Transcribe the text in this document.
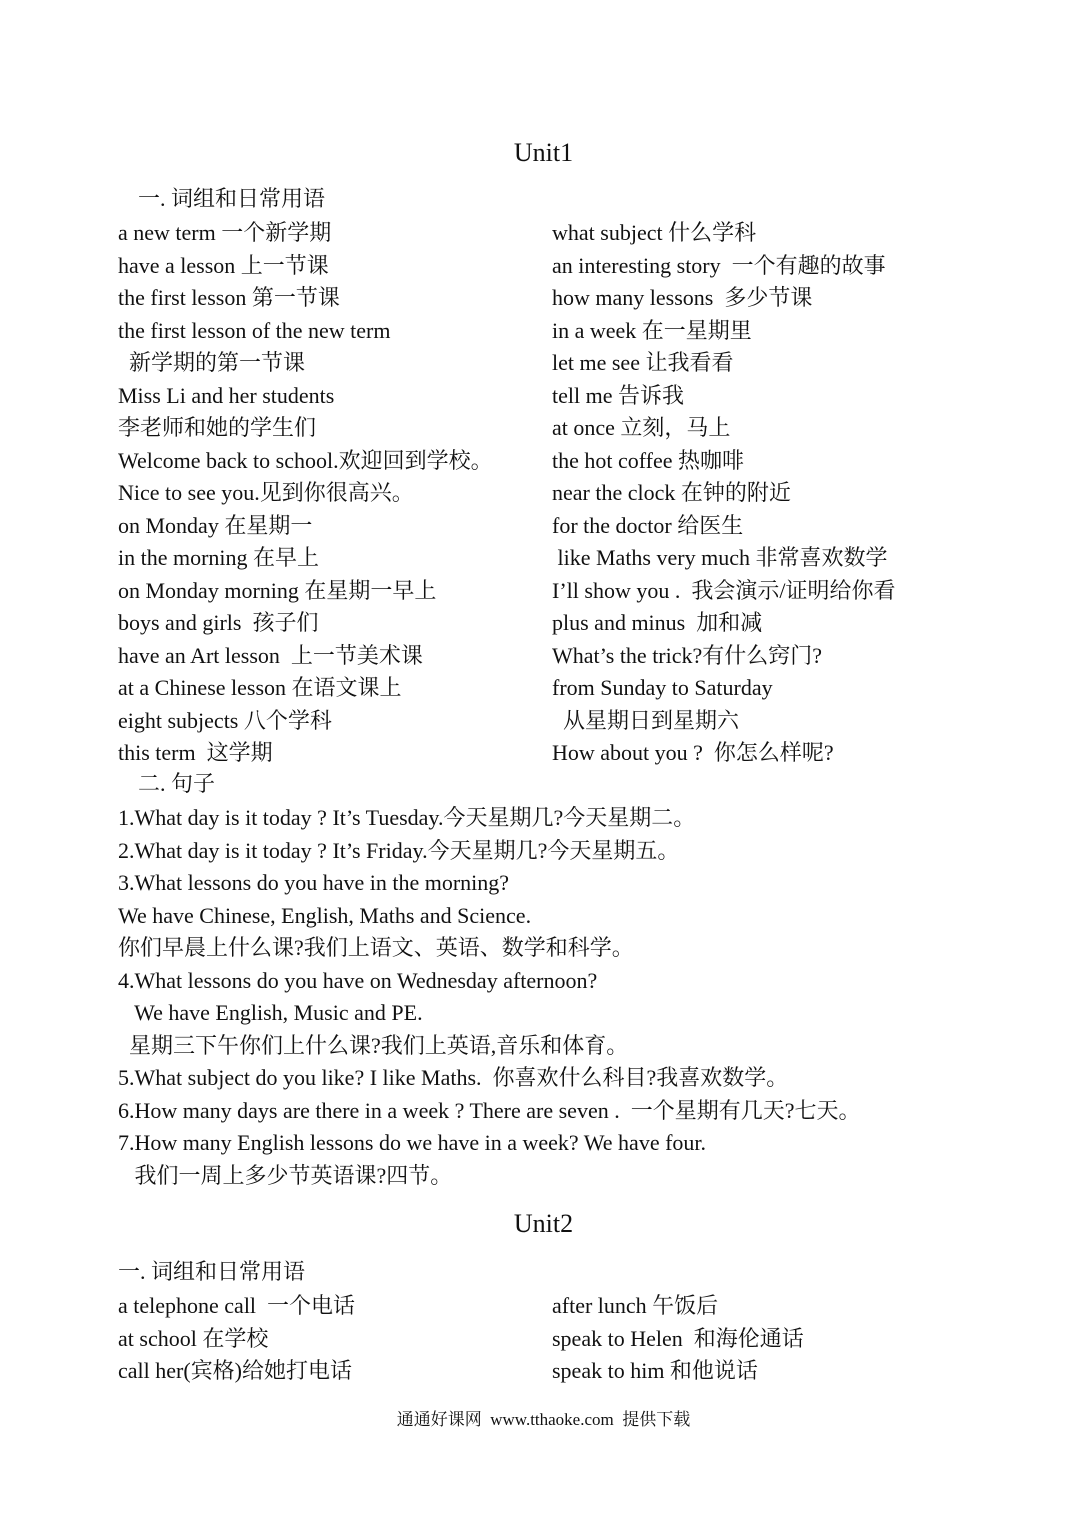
Unit1
一. 词组和日常用语
a new term 一个新学期
have a lesson 上一节课
the first lesson 第一节课
the first lesson of the new term
新学期的第一节课
Miss Li and her students
李老师和她的学生们
Welcome back to school.欢迎回到学校。
Nice to see you.见到你很高兴。
on Monday 在星期一
in the morning 在早上
on Monday morning 在星期一早上
boys and girls  孩子们
have an Art lesson  上一节美术课
at a Chinese lesson 在语文课上
eight subjects 八个学科
this term  这学期
what subject 什么学科
an interesting story  一个有趣的故事
how many lessons  多少节课
in a week 在一星期里
let me see 让我看看
tell me 告诉我
at once 立刻，马上
the hot coffee 热咖啡
near the clock 在钟的附近
for the doctor 给医生
like Maths very much 非常喜欢数学
I’ll show you .  我会演示/证明给你看
plus and minus  加和减
What’s the trick?有什么窍门?
from Sunday to Saturday
从星期日到星期六
How about you ?  你怎么样呢?
二. 句子
1.What day is it today ? It’s Tuesday.今天星期几?今天星期二。
2.What day is it today ? It’s Friday.今天星期几?今天星期五。
3.What lessons do you have in the morning?
We have Chinese, English, Maths and Science.
你们早晨上什么课?我们上语文、英语、数学和科学。
4.What lessons do you have on Wednesday afternoon?
We have English, Music and PE.
星期三下午你们上什么课?我们上英语,音乐和体育。
5.What subject do you like? I like Maths.  你喜欢什么科目?我喜欢数学。
6.How many days are there in a week ? There are seven .  一个星期有几天?七天。
7.How many English lessons do we have in a week? We have four.
我们一周上多少节英语课?四节。
Unit2
一. 词组和日常用语
a telephone call  一个电话
at school 在学校
call her(宾格)给她打电话
after lunch 午饭后
speak to Helen  和海伦通话
speak to him 和他说话
通通好课网  www.tthaoke.com  提供下载
